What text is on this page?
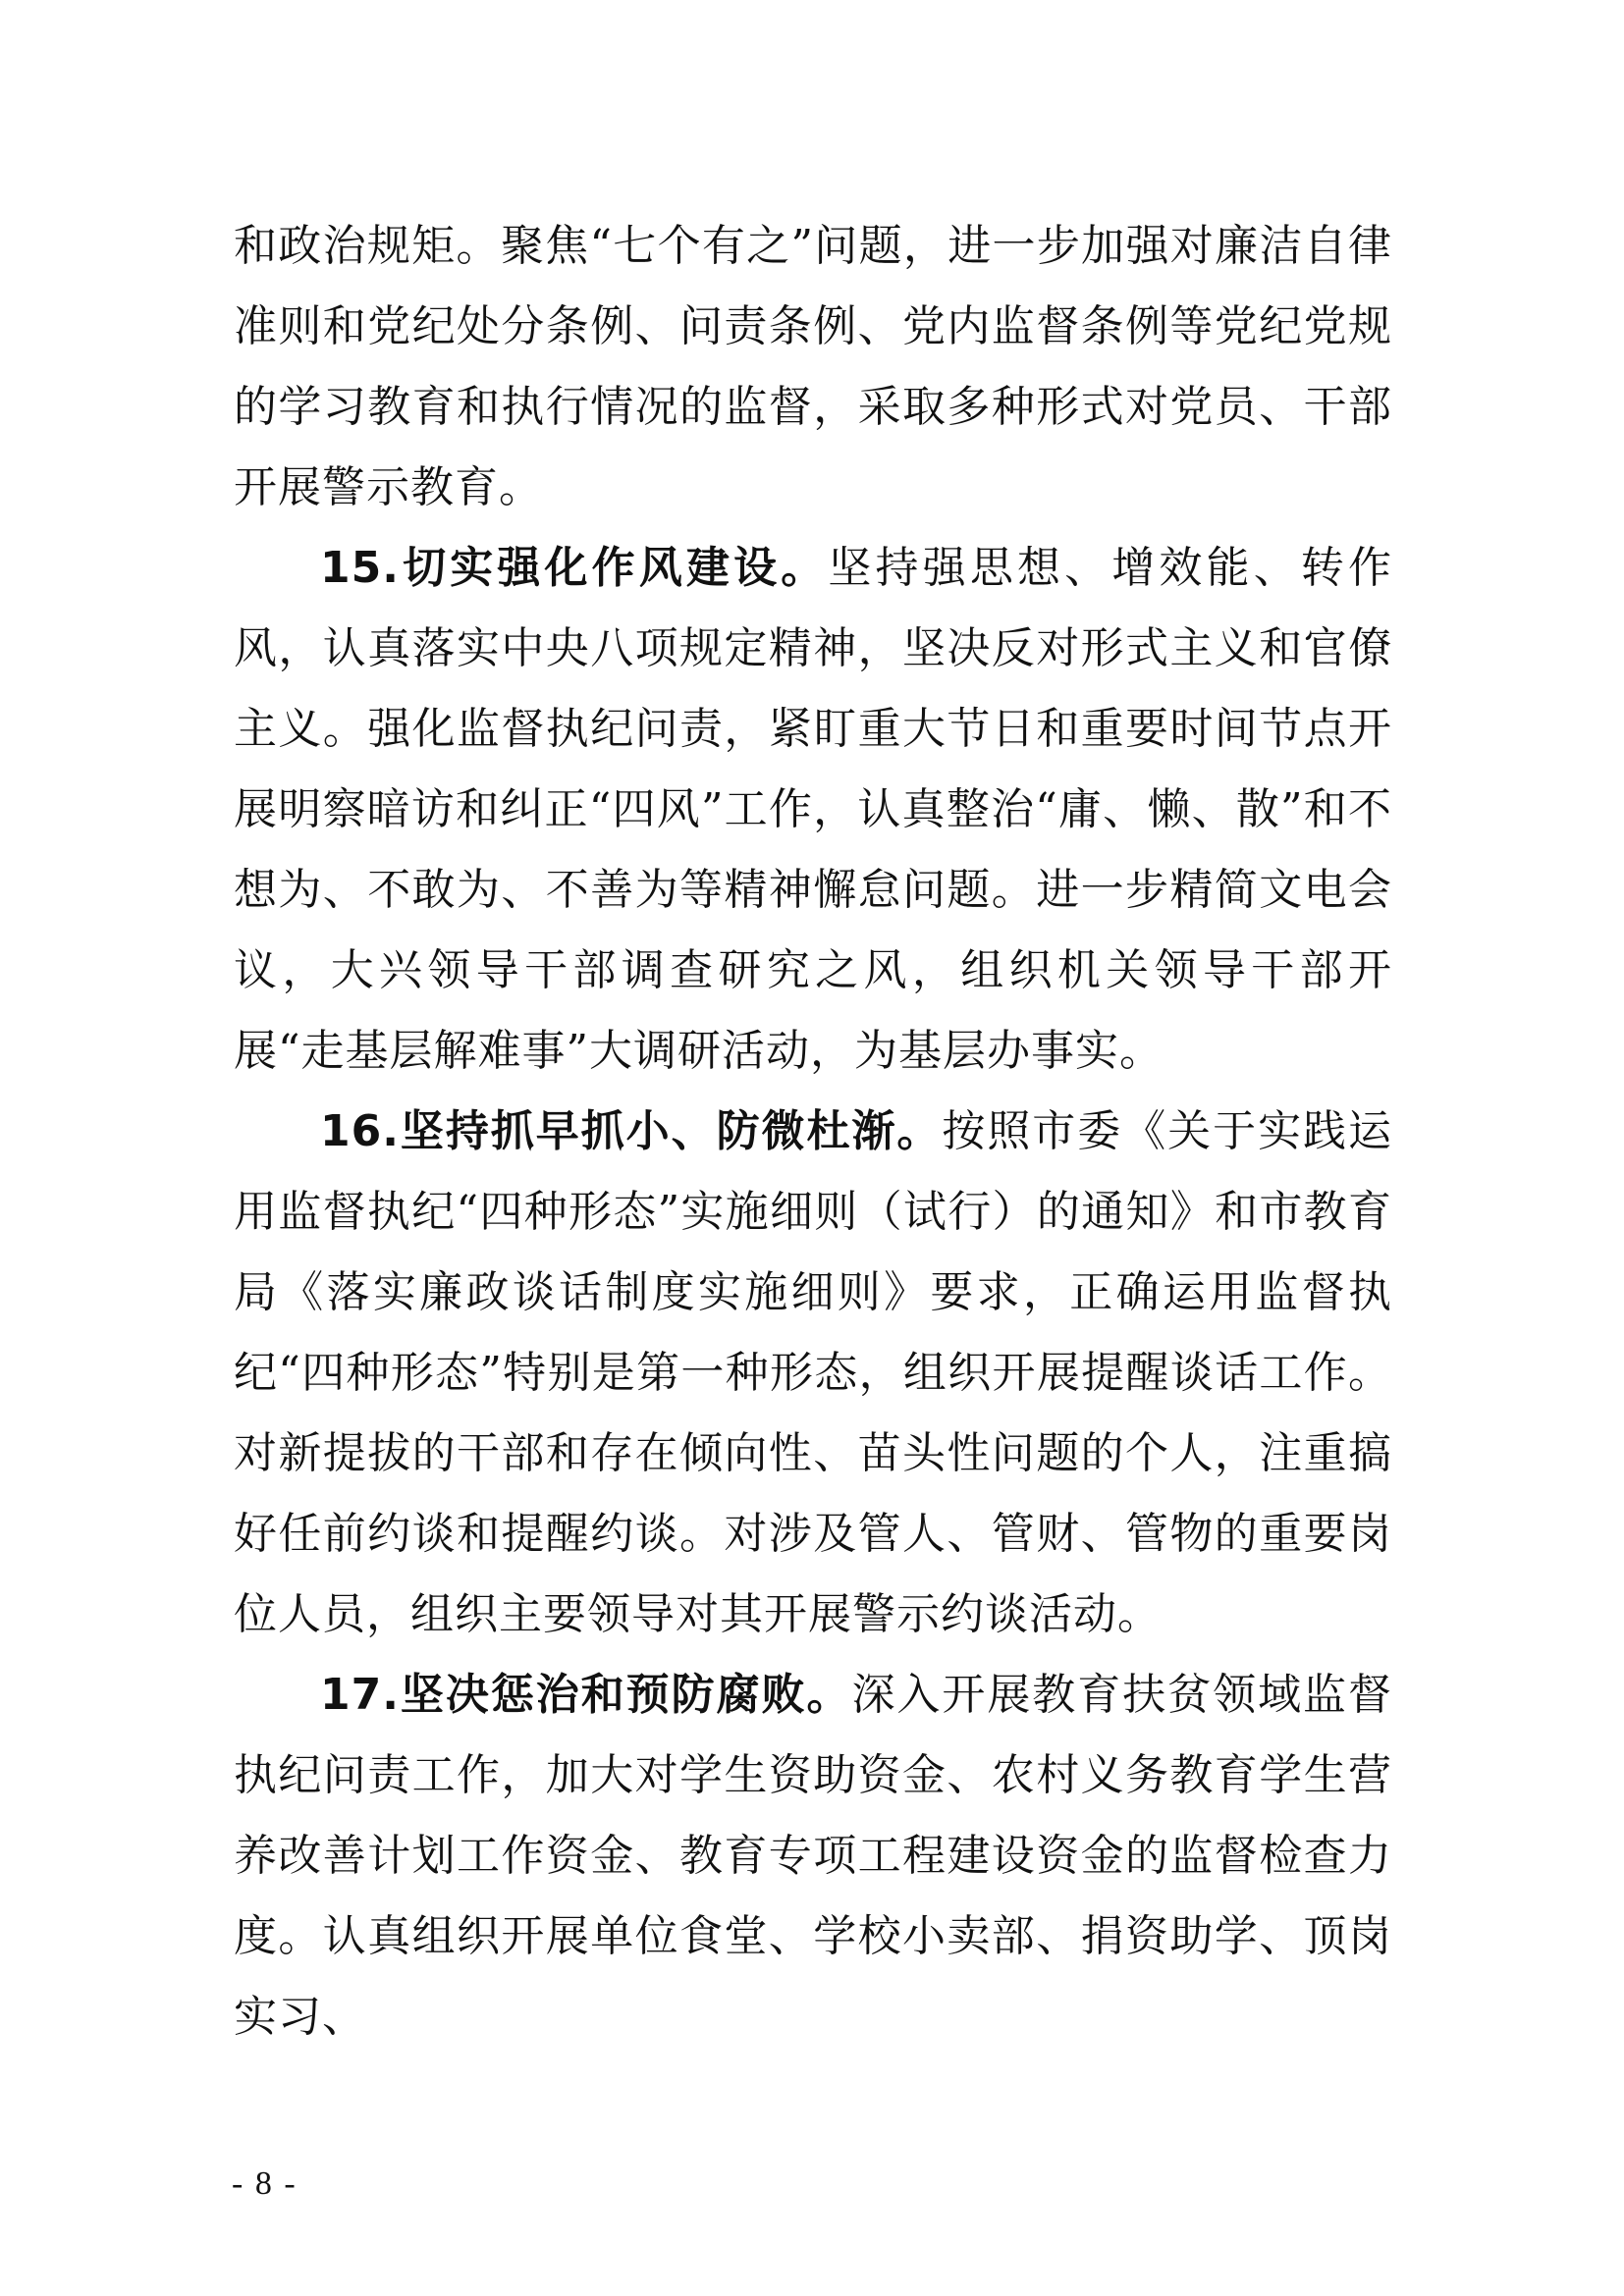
和政治规矩。聚焦“七个有之”问题，进一步加强对廉洁自律准则和党纪处分条例、问责条例、党内监督条例等党纪党规的学习教育和执行情况的监督，采取多种形式对党员、干部开展警示教育。

15.切实强化作风建设。坚持强思想、增效能、转作风，认真落实中央八项规定精神，坚决反对形式主义和官僚主义。强化监督执纪问责，紧盯重大节日和重要时间节点开展明察暗访和纠正“四风”工作，认真整治“庸、懒、散”和不想为、不敢为、不善为等精神懈怠问题。进一步精简文电会议，大兴领导干部调查研究之风，组织机关领导干部开展“走基层解难事”大调研活动，为基层办事实。

16.坚持抓早抓小、防微杜渐。按照市委《关于实践运用监督执纪“四种形态”实施细则（试行）的通知》和市教育局《落实廉政谈话制度实施细则》要求，正确运用监督执纪“四种形态”特别是第一种形态，组织开展提醒谈话工作。对新提拔的干部和存在倾向性、苗头性问题的个人，注重搞好任前约谈和提醒约谈。对涉及管人、管财、管物的重要岗位人员，组织主要领导对其开展警示约谈活动。

17.坚决惩治和预防腐败。深入开展教育扶贫领域监督执纪问责工作，加大对学生资助资金、农村义务教育学生营养改善计划工作资金、教育专项工程建设资金的监督检查力度。认真组织开展单位食堂、学校小卖部、捐资助学、顶岗实习、

- 8 -
